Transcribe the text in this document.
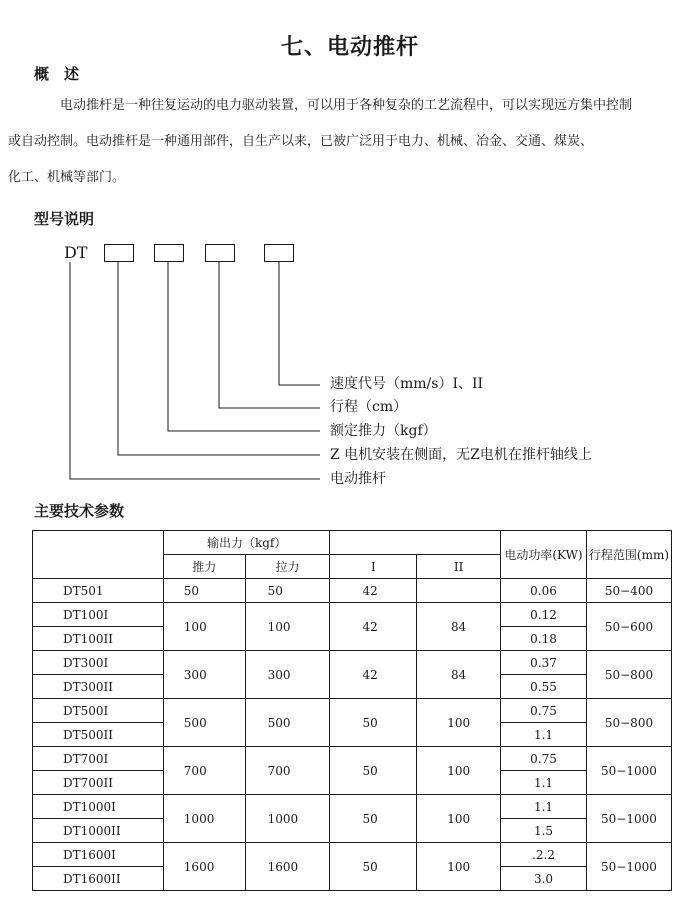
七、电动推杆
概　述
电动推杆是一种往复运动的电力驱动装置，可以用于各种复杂的工艺流程中，可以实现远方集中控制
或自动控制。电动推杆是一种通用部件，自生产以来，已被广泛用于电力、机械、冶金、交通、煤炭、
化工、机械等部门。
型号说明
DT
速度代号（mm/s）I、II
行程（cm）
额定推力（kgf）
Z 电机安装在侧面，无Z电机在推杆轴线上
电动推杆
主要技术参数
	输出力（kgf）				电动功率(KW)	行程范围(mm)
	推力	拉力	I	II		
DT501	50	50	42		0.06	50−400

DT100I	100	100	42	84	0.12	50−600
DT100II					0.18	
DT300I	300	300	42	84	0.37	50−800
DT300II					0.55	
DT500I	500	500	50	100	0.75	50−800
DT500II					1.1	
DT700I	700	700	50	100	0.75	50−1000
DT700II					1.1	
DT1000I	1000	1000	50	100	1.1	50−1000
DT1000II					1.5	
DT1600I	1600	1600	50	100	.2.2	50−1000
DT1600II					3.0	
